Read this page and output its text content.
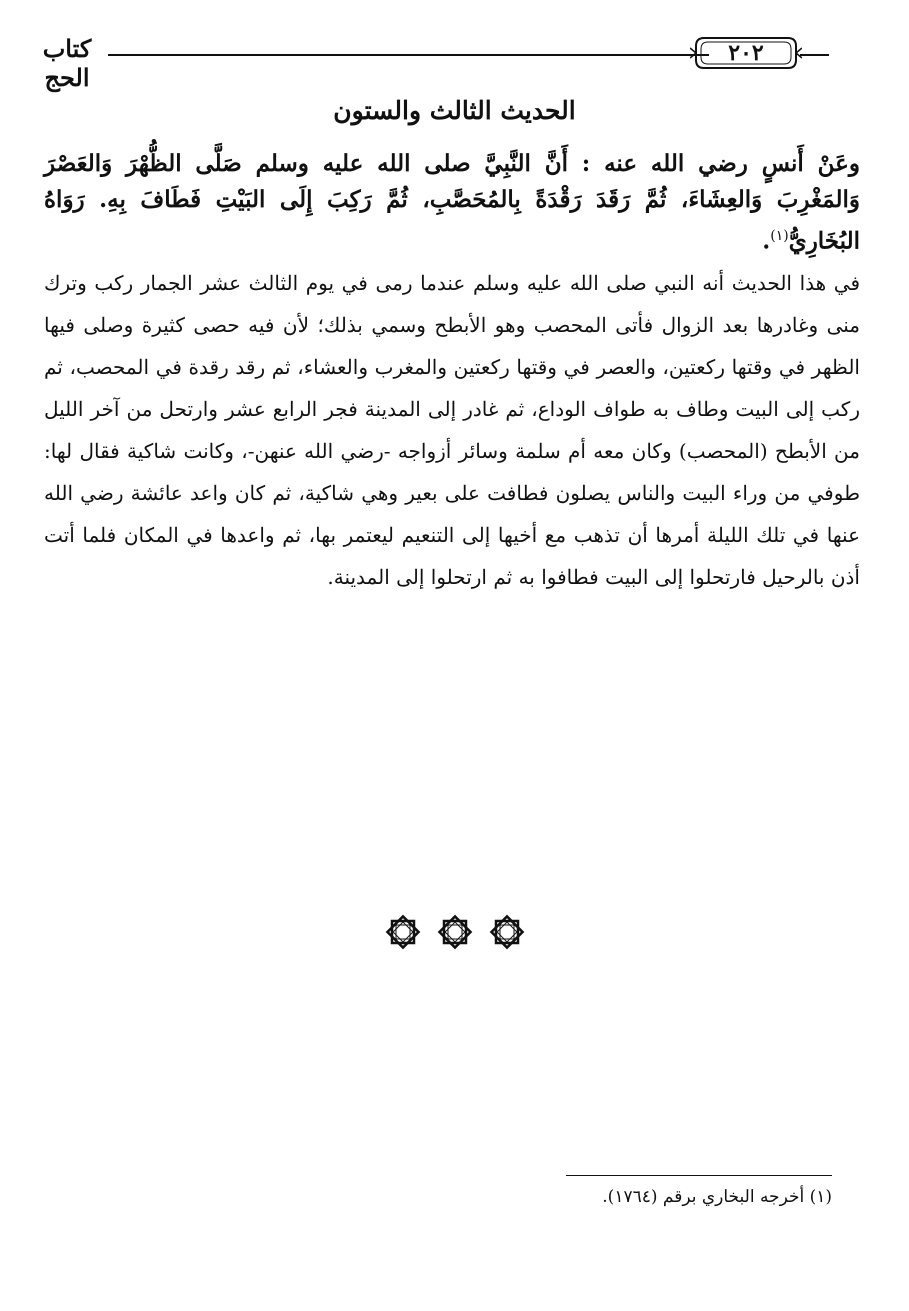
٢٠٢
كتاب الحج
الحديث الثالث والستون
وعَنْ أَنسٍ رضي الله عنه : أَنَّ النَّبِيَّ صلى الله عليه وسلم صَلَّى الظُّهْرَ وَالعَصْرَ وَالمَغْرِبَ وَالعِشَاءَ، ثُمَّ رَقَدَ رَقْدَةً بِالمُحَصَّبِ، ثُمَّ رَكِبَ إِلَى البَيْتِ فَطَافَ بِهِ. رَوَاهُ البُخَارِيُّ$^{(١)}$.
في هذا الحديث أنه النبي صلى الله عليه وسلم عندما رمى في يوم الثالث عشر الجمار ركب وترك منى وغادرها بعد الزوال فأتى المحصب وهو الأبطح وسمي بذلك؛ لأن فيه حصى كثيرة وصلى فيها الظهر في وقتها ركعتين، والعصر في وقتها ركعتين والمغرب والعشاء، ثم رقد رقدة في المحصب، ثم ركب إلى البيت وطاف به طواف الوداع، ثم غادر إلى المدينة فجر الرابع عشر وارتحل من آخر الليل من الأبطح (المحصب) وكان معه أم سلمة وسائر أزواجه -رضي الله عنهن-، وكانت شاكية فقال لها: طوفي من وراء البيت والناس يصلون فطافت على بعير وهي شاكية، ثم كان واعد عائشة رضي الله عنها في تلك الليلة أمرها أن تذهب مع أخيها إلى التنعيم ليعتمر بها، ثم واعدها في المكان فلما أتت أذن بالرحيل فارتحلوا إلى البيت فطافوا به ثم ارتحلوا إلى المدينة.
(١) أخرجه البخاري برقم (١٧٦٤).
